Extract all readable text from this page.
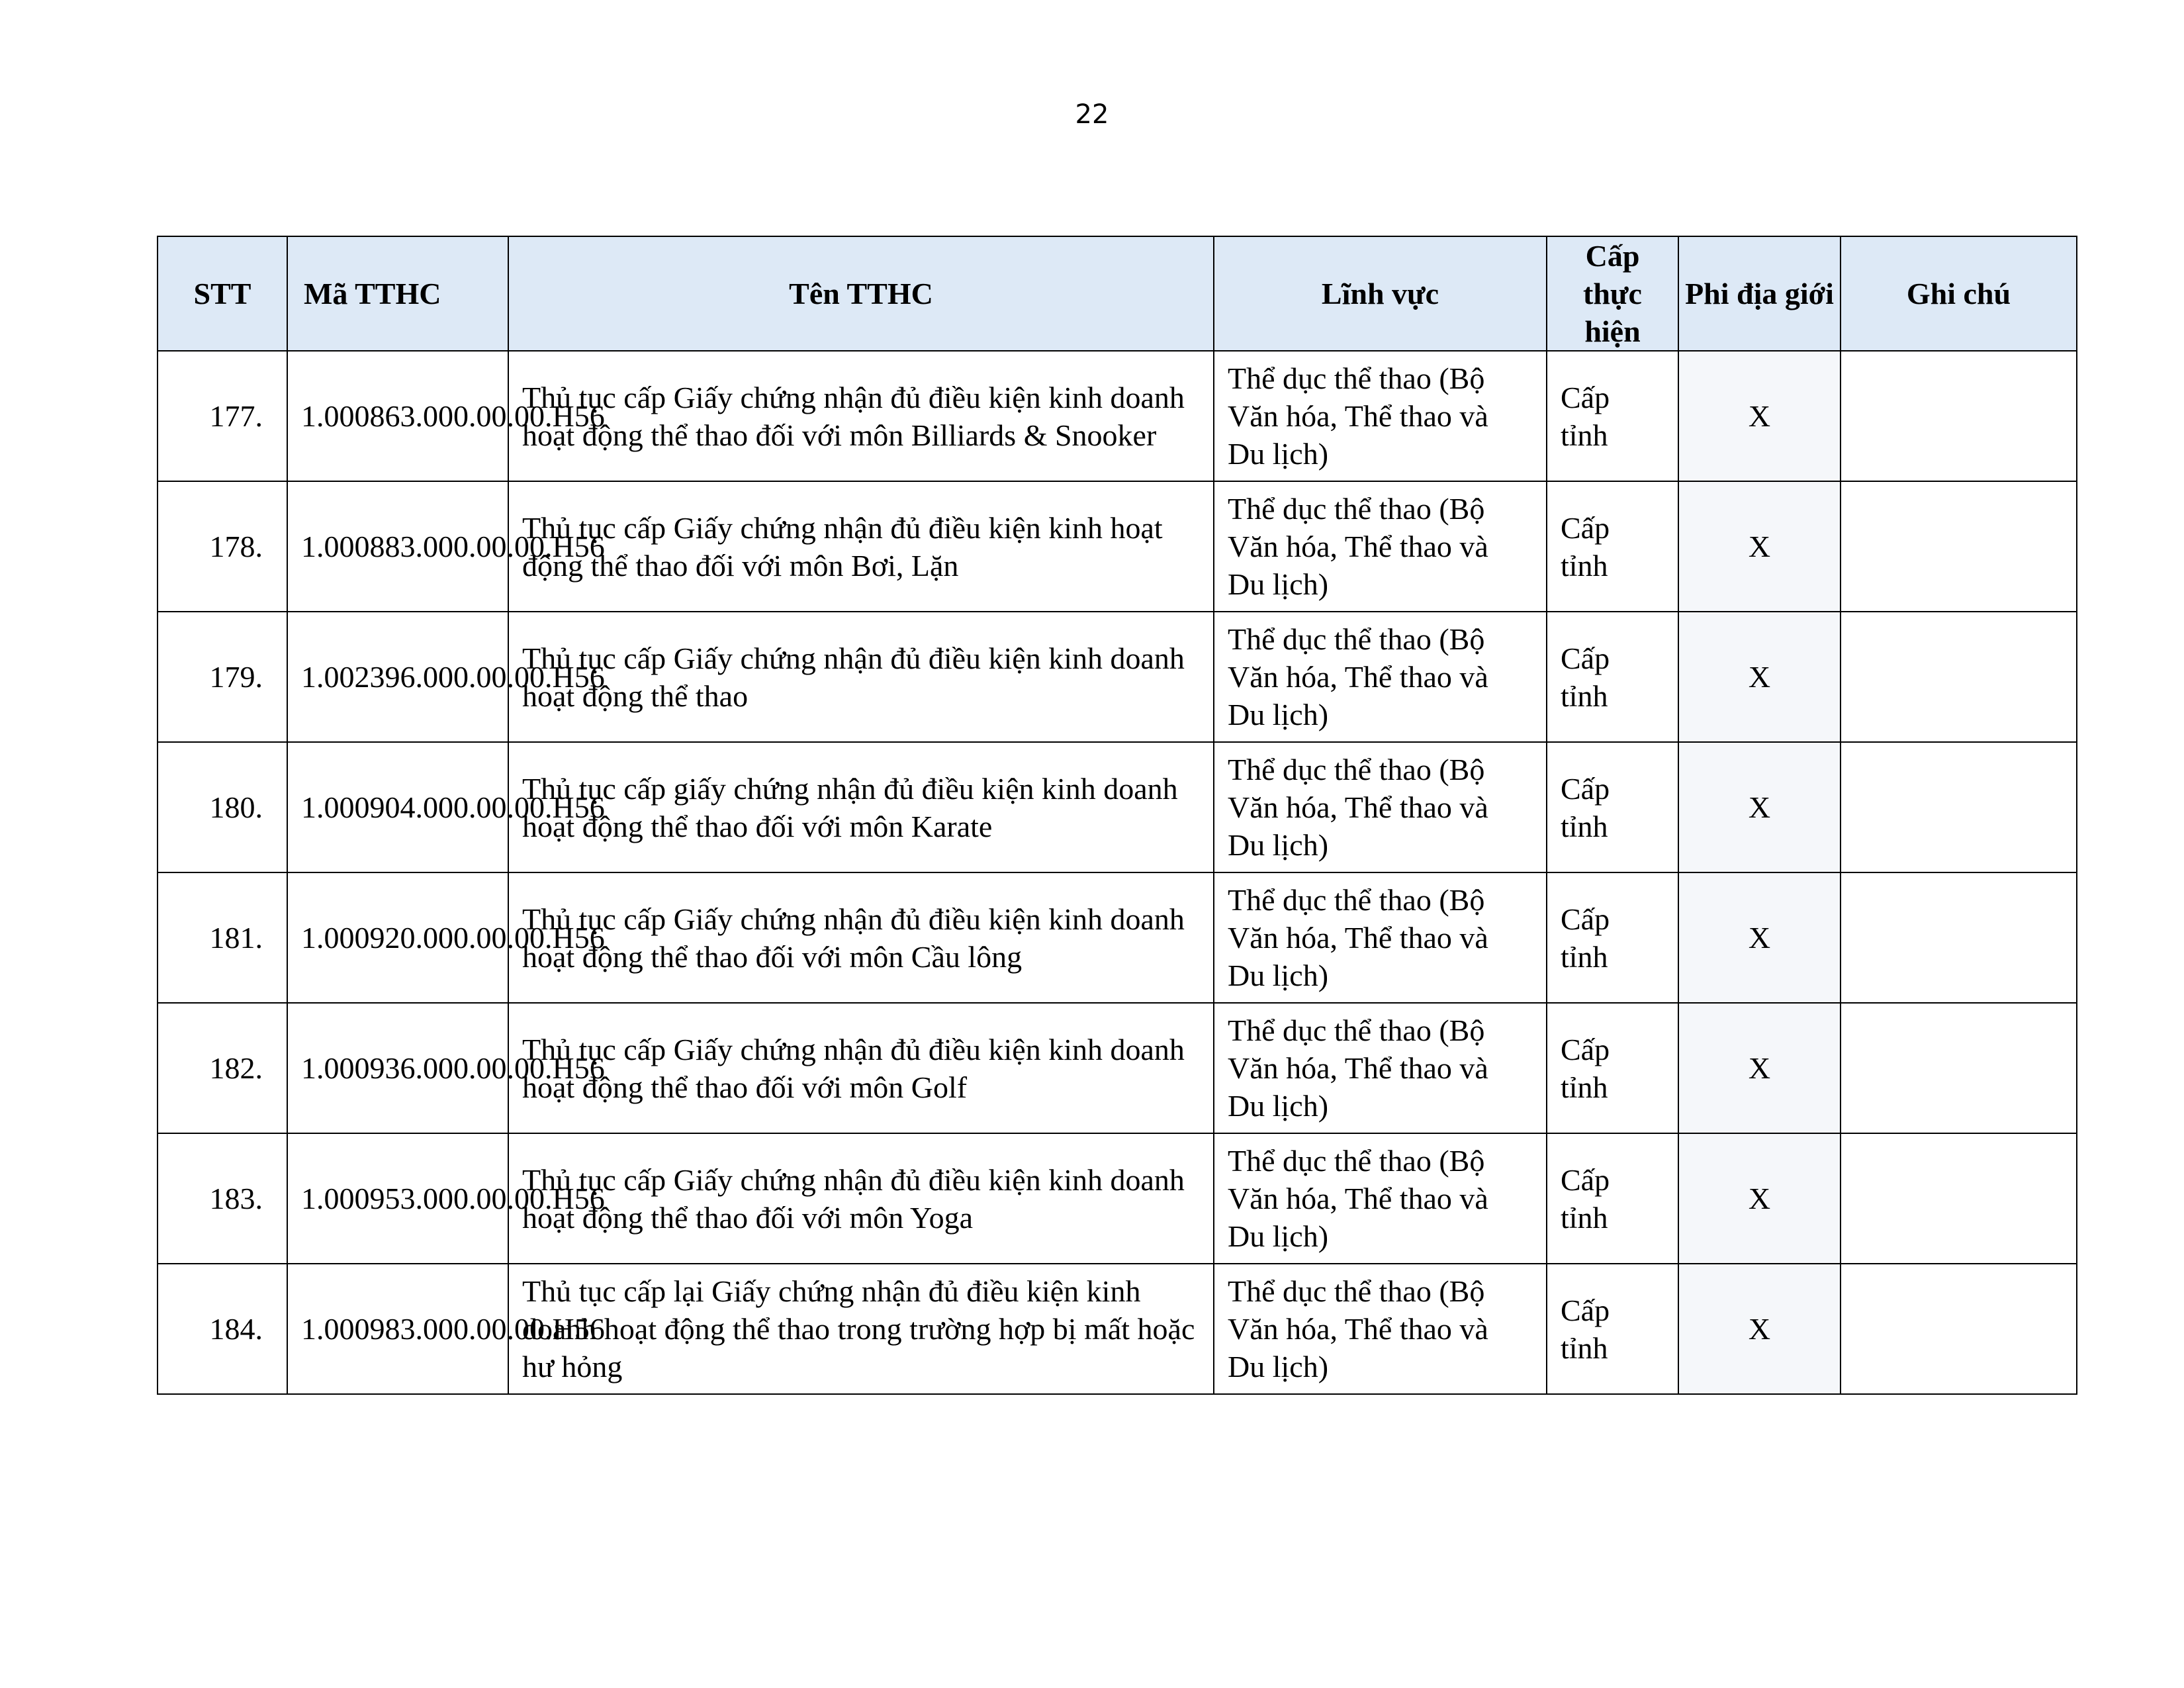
22
STT	Mã TTHC	Tên TTHC	Lĩnh vực	Cấp thực hiện	Phi địa giới	Ghi chú
177.	1.000863.000.00.00.H56	Thủ tục cấp Giấy chứng nhận đủ điều kiện kinh doanh hoạt động thể thao đối với môn Billiards & Snooker	Thể dục thể thao (Bộ Văn hóa, Thể thao và Du lịch)	Cấp tỉnh	X	
178.	1.000883.000.00.00.H56	Thủ tục cấp Giấy chứng nhận đủ điều kiện kinh hoạt động thể thao đối với môn Bơi, Lặn	Thể dục thể thao (Bộ Văn hóa, Thể thao và Du lịch)	Cấp tỉnh	X	
179.	1.002396.000.00.00.H56	Thủ tục cấp Giấy chứng nhận đủ điều kiện kinh doanh hoạt động thể thao	Thể dục thể thao (Bộ Văn hóa, Thể thao và Du lịch)	Cấp tỉnh	X	
180.	1.000904.000.00.00.H56	Thủ tục cấp giấy chứng nhận đủ điều kiện kinh doanh hoạt động thể thao đối với môn Karate	Thể dục thể thao (Bộ Văn hóa, Thể thao và Du lịch)	Cấp tỉnh	X	
181.	1.000920.000.00.00.H56	Thủ tục cấp Giấy chứng nhận đủ điều kiện kinh doanh hoạt động thể thao đối với môn Cầu lông	Thể dục thể thao (Bộ Văn hóa, Thể thao và Du lịch)	Cấp tỉnh	X	
182.	1.000936.000.00.00.H56	Thủ tục cấp Giấy chứng nhận đủ điều kiện kinh doanh hoạt động thể thao đối với môn Golf	Thể dục thể thao (Bộ Văn hóa, Thể thao và Du lịch)	Cấp tỉnh	X	
183.	1.000953.000.00.00.H56	Thủ tục cấp Giấy chứng nhận đủ điều kiện kinh doanh hoạt động thể thao đối với môn Yoga	Thể dục thể thao (Bộ Văn hóa, Thể thao và Du lịch)	Cấp tỉnh	X	
184.	1.000983.000.00.00.H56	Thủ tục cấp lại Giấy chứng nhận đủ điều kiện kinh doanh hoạt động thể thao trong trường hợp bị mất hoặc hư hỏng	Thể dục thể thao (Bộ Văn hóa, Thể thao và Du lịch)	Cấp tỉnh	X	
